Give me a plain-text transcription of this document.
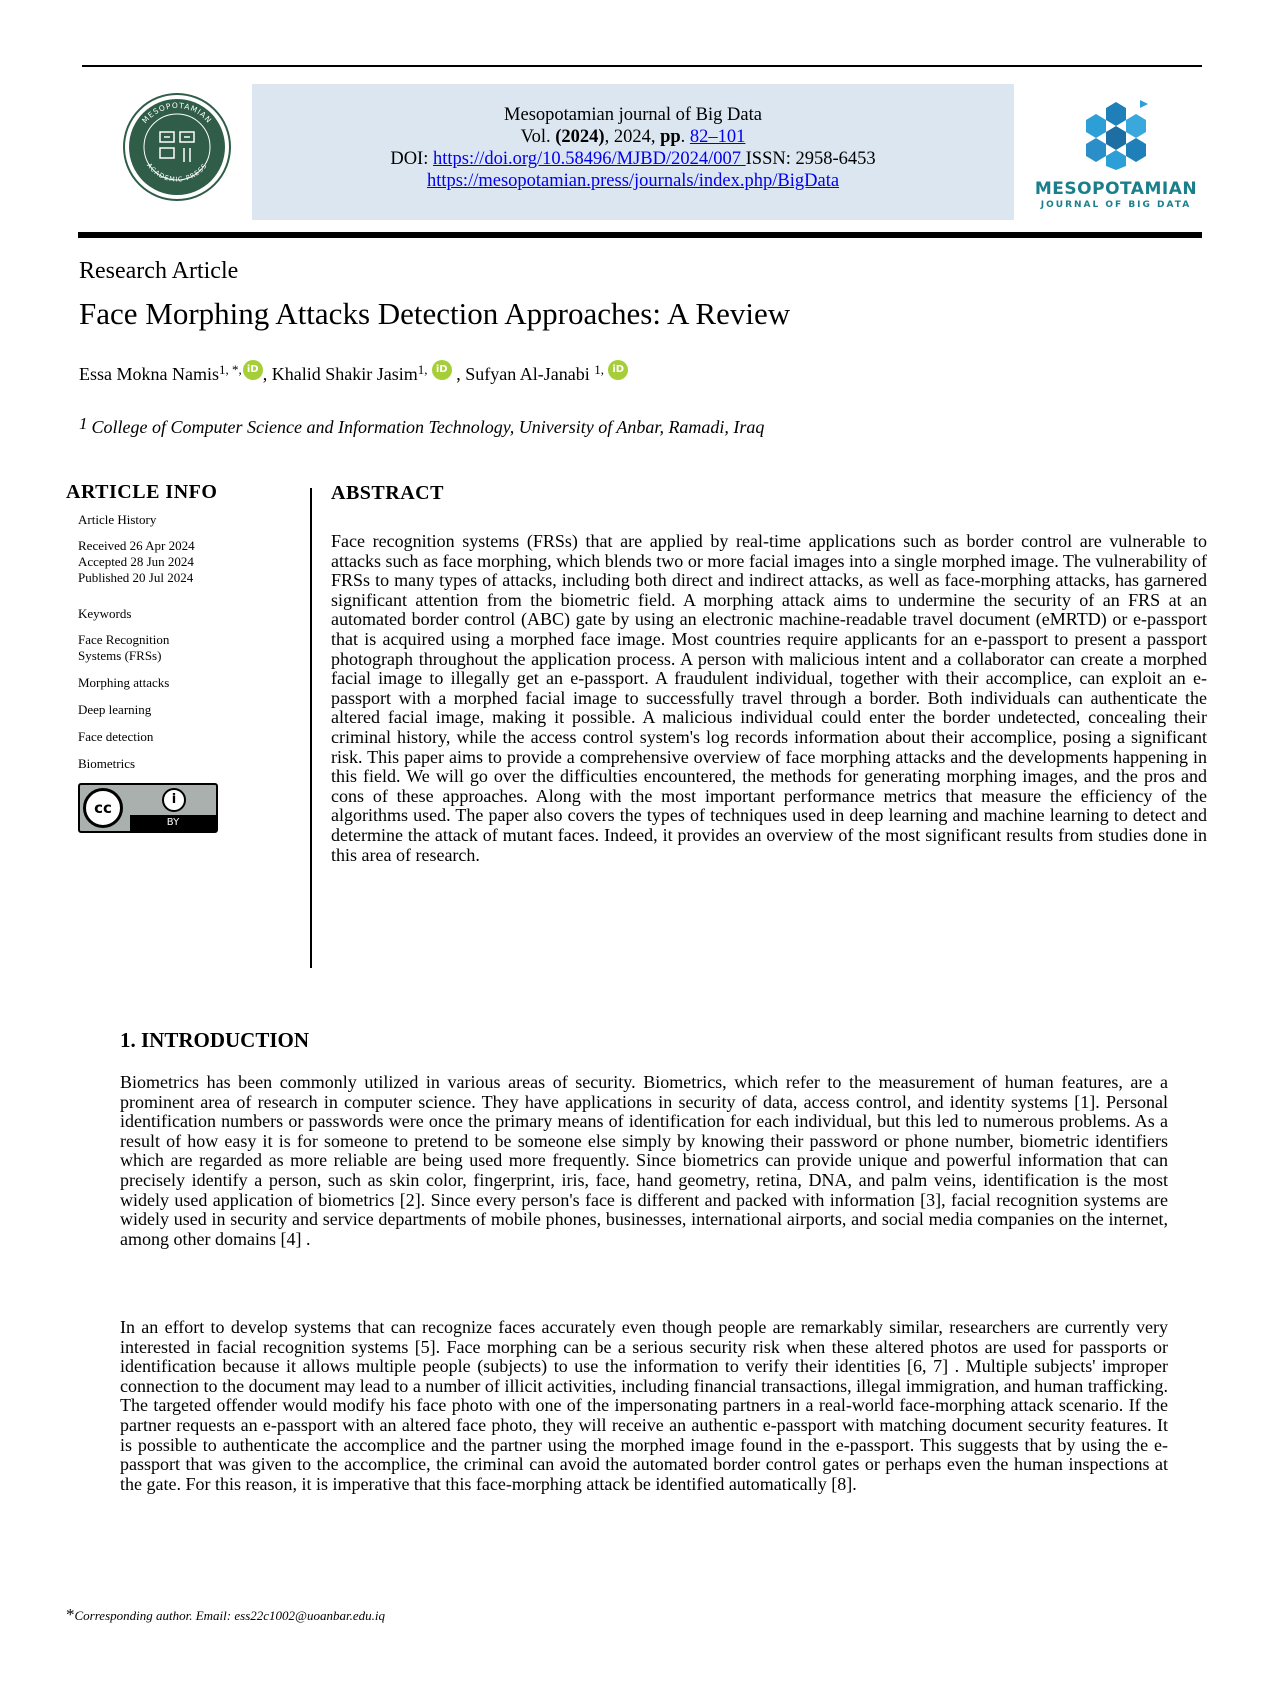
MESOPOTAMIAN
ACADEMIC PRESS
Mesopotamian journal of Big Data
Vol. (2024), 2024, pp. 82–101
DOI: https://doi.org/10.58496/MJBD/2024/007 ISSN: 2958-6453
https://mesopotamian.press/journals/index.php/BigData	MESOPOTAMIAN
JOURNAL OF BIG DATA
Research Article
Face Morphing Attacks Detection Approaches: A Review
Essa Mokna Namis$^{1, *,}$ iD , Khalid Shakir Jasim$^{1,}$ iD , Sufyan Al-Janabi $^{1,}$ iD
$^1$ College of Computer Science and Information Technology, University of Anbar, Ramadi, Iraq
ARTICLE INFO
Article History
Received 26 Apr 2024
Accepted 28 Jun 2024
Published 20 Jul 2024
Keywords
Face Recognition Systems (FRSs)
Morphing attacks
Deep learning
Face detection
Biometrics
cc	i
BY
ABSTRACT
Face recognition systems (FRSs) that are applied by real-time applications such as border control are vulnerable to attacks such as face morphing, which blends two or more facial images into a single morphed image. The vulnerability of FRSs to many types of attacks, including both direct and indirect attacks, as well as face-morphing attacks, has garnered significant attention from the biometric field. A morphing attack aims to undermine the security of an FRS at an automated border control (ABC) gate by using an electronic machine-readable travel document (eMRTD) or e-passport that is acquired using a morphed face image. Most countries require applicants for an e-passport to present a passport photograph throughout the application process. A person with malicious intent and a collaborator can create a morphed facial image to illegally get an e-passport. A fraudulent individual, together with their accomplice, can exploit an e-passport with a morphed facial image to successfully travel through a border. Both individuals can authenticate the altered facial image, making it possible. A malicious individual could enter the border undetected, concealing their criminal history, while the access control system's log records information about their accomplice, posing a significant risk. This paper aims to provide a comprehensive overview of face morphing attacks and the developments happening in this field. We will go over the difficulties encountered, the methods for generating morphing images, and the pros and cons of these approaches. Along with the most important performance metrics that measure the efficiency of the algorithms used. The paper also covers the types of techniques used in deep learning and machine learning to detect and determine the attack of mutant faces. Indeed, it provides an overview of the most significant results from studies done in this area of research.
1. INTRODUCTION
Biometrics has been commonly utilized in various areas of security. Biometrics, which refer to the measurement of human features, are a prominent area of research in computer science. They have applications in security of data, access control, and identity systems [1]. Personal identification numbers or passwords were once the primary means of identification for each individual, but this led to numerous problems. As a result of how easy it is for someone to pretend to be someone else simply by knowing their password or phone number, biometric identifiers which are regarded as more reliable are being used more frequently. Since biometrics can provide unique and powerful information that can precisely identify a person, such as skin color, fingerprint, iris, face, hand geometry, retina, DNA, and palm veins, identification is the most widely used application of biometrics [2]. Since every person's face is different and packed with information [3], facial recognition systems are widely used in security and service departments of mobile phones, businesses, international airports, and social media companies on the internet, among other domains [4] .
In an effort to develop systems that can recognize faces accurately even though people are remarkably similar, researchers are currently very interested in facial recognition systems [5]. Face morphing can be a serious security risk when these altered photos are used for passports or identification because it allows multiple people (subjects) to use the information to verify their identities [6, 7] . Multiple subjects' improper connection to the document may lead to a number of illicit activities, including financial transactions, illegal immigration, and human trafficking. The targeted offender would modify his face photo with one of the impersonating partners in a real-world face-morphing attack scenario. If the partner requests an e-passport with an altered face photo, they will receive an authentic e-passport with matching document security features. It is possible to authenticate the accomplice and the partner using the morphed image found in the e-passport. This suggests that by using the e-passport that was given to the accomplice, the criminal can avoid the automated border control gates or perhaps even the human inspections at the gate. For this reason, it is imperative that this face-morphing attack be identified automatically [8].
*Corresponding author. Email: ess22c1002@uoanbar.edu.iq
